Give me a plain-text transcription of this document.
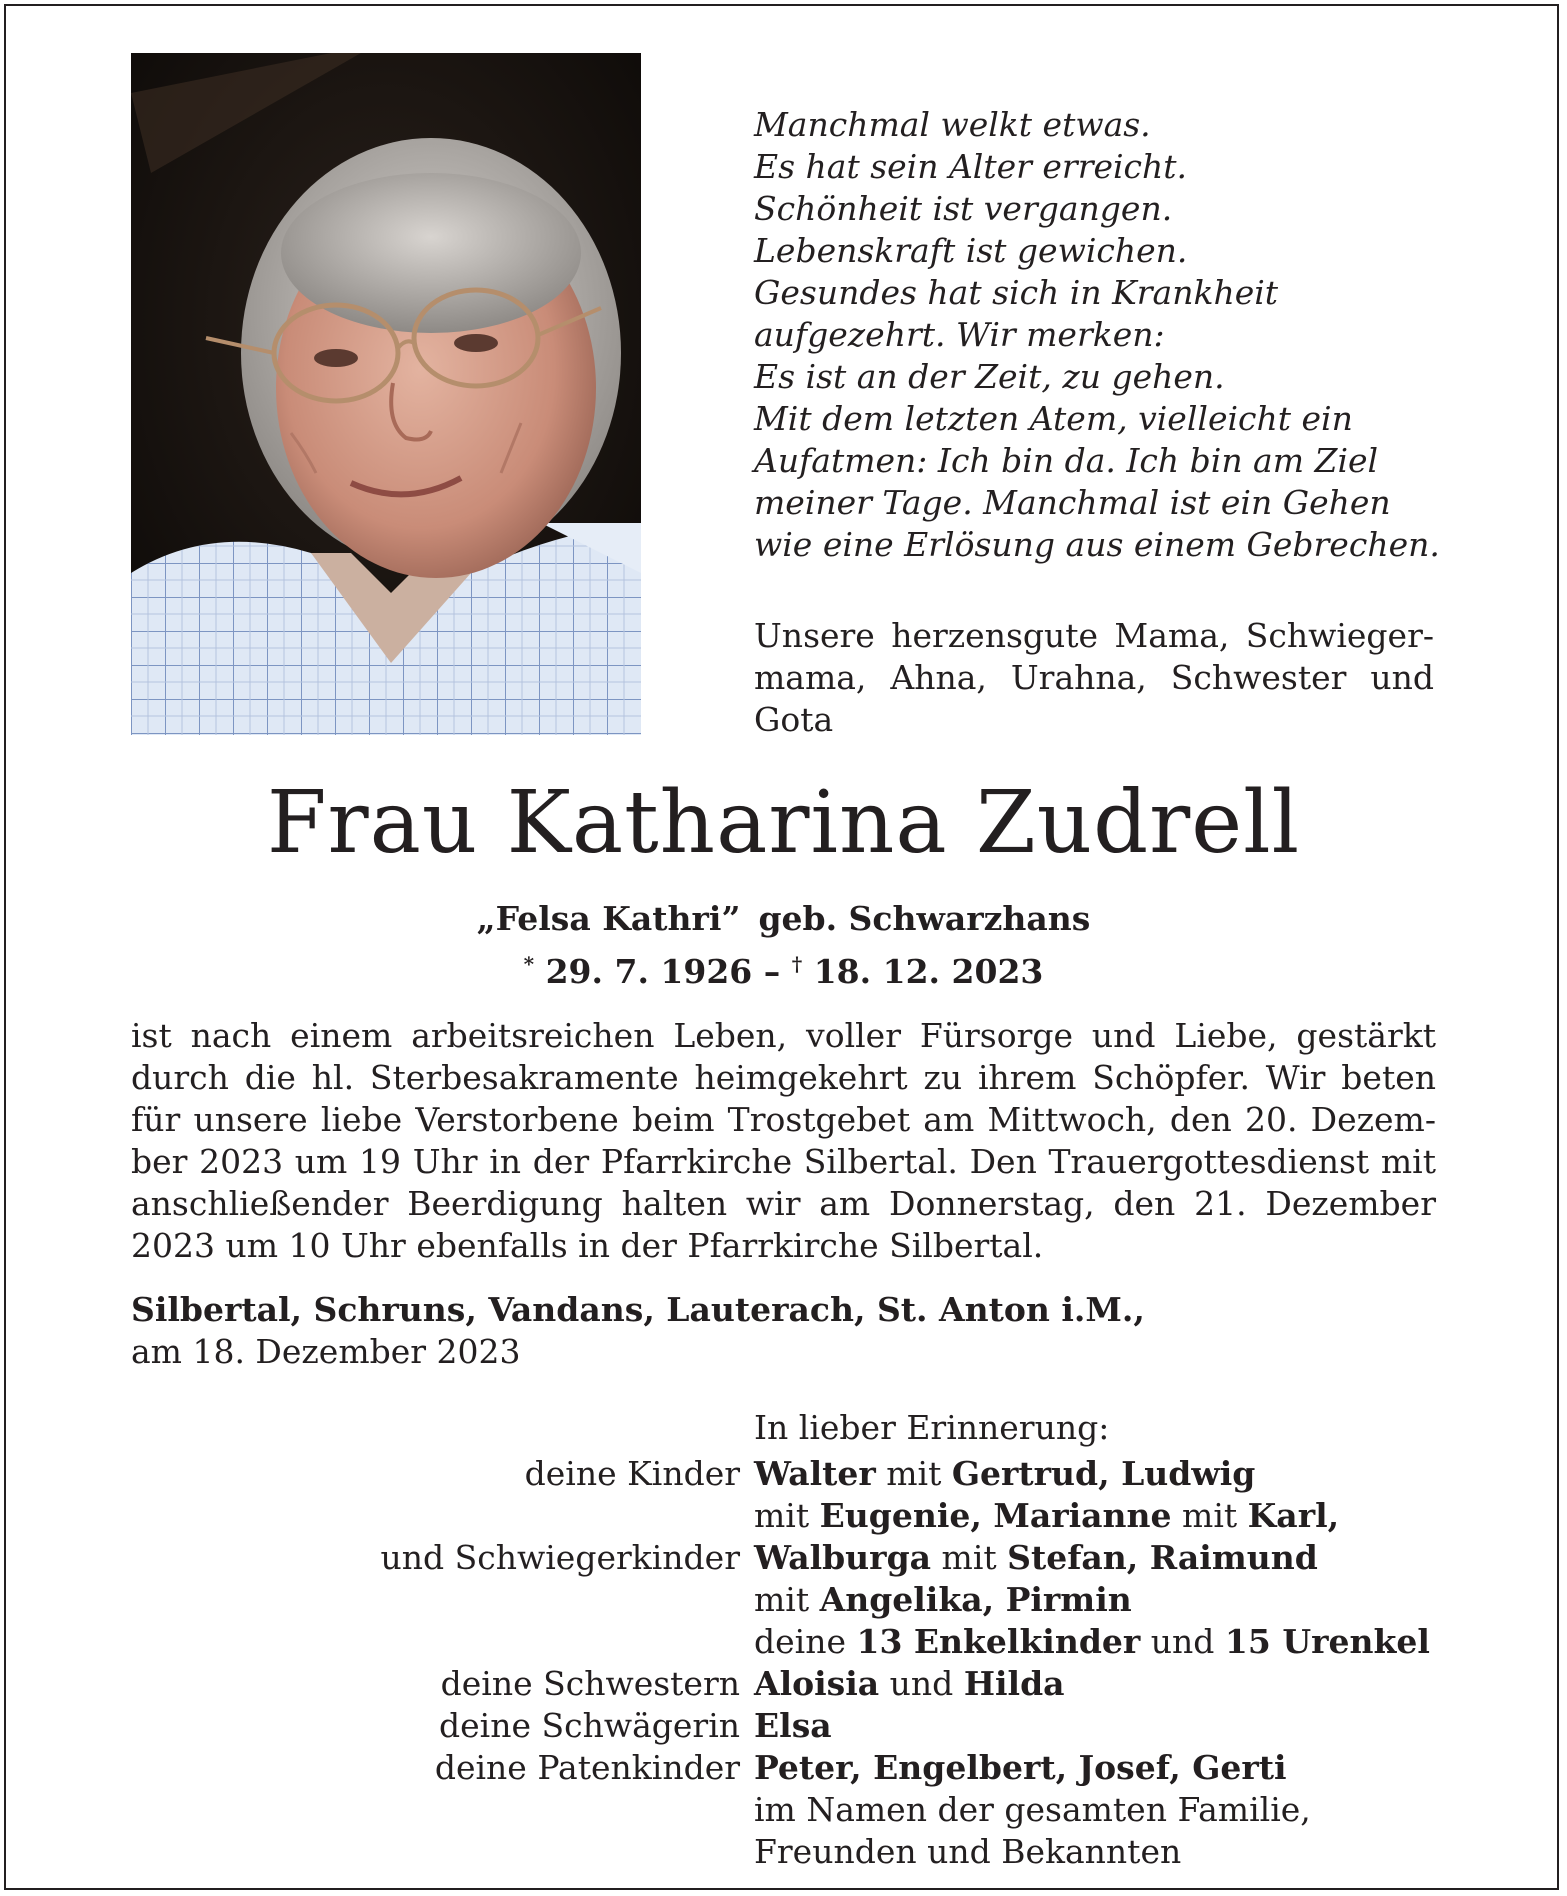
Manchmal welkt etwas.
Es hat sein Alter erreicht.
Schönheit ist vergangen.
Lebenskraft ist gewichen.
Gesundes hat sich in Krankheit
aufgezehrt. Wir merken:
Es ist an der Zeit, zu gehen.
Mit dem letzten Atem, vielleicht ein
Aufatmen: Ich bin da. Ich bin am Ziel
meiner Tage. Manchmal ist ein Gehen
wie eine Erlösung aus einem Gebrechen.
Unsere herzensgute Mama, Schwieger-mama, Ahna, Urahna, Schwester und Gota
Frau Katharina Zudrell
„Felsa Kathri” geb. Schwarzhans
* 29. 7. 1926 – † 18. 12. 2023
ist nach einem arbeitsreichen Leben, voller Fürsorge und Liebe, gestärkt
durch die hl. Sterbesakramente heimgekehrt zu ihrem Schöpfer. Wir beten
für unsere liebe Verstorbene beim Trostgebet am Mittwoch, den 20. Dezem-
ber 2023 um 19 Uhr in der Pfarrkirche Silbertal. Den Trauergottesdienst mit
anschließender Beerdigung halten wir am Donnerstag, den 21. Dezember
2023 um 10 Uhr ebenfalls in der Pfarrkirche Silbertal.
Silbertal, Schruns, Vandans, Lauterach, St. Anton i.M.,
am 18. Dezember 2023
In lieber Erinnerung:
deine Kinder Walter mit Gertrud, Ludwig
mit Eugenie, Marianne mit Karl,
und Schwiegerkinder Walburga mit Stefan, Raimund
mit Angelika, Pirmin
deine 13 Enkelkinder und 15 Urenkel
deine Schwestern Aloisia und Hilda
deine Schwägerin Elsa
deine Patenkinder Peter, Engelbert, Josef, Gerti
im Namen der gesamten Familie,
Freunden und Bekannten
